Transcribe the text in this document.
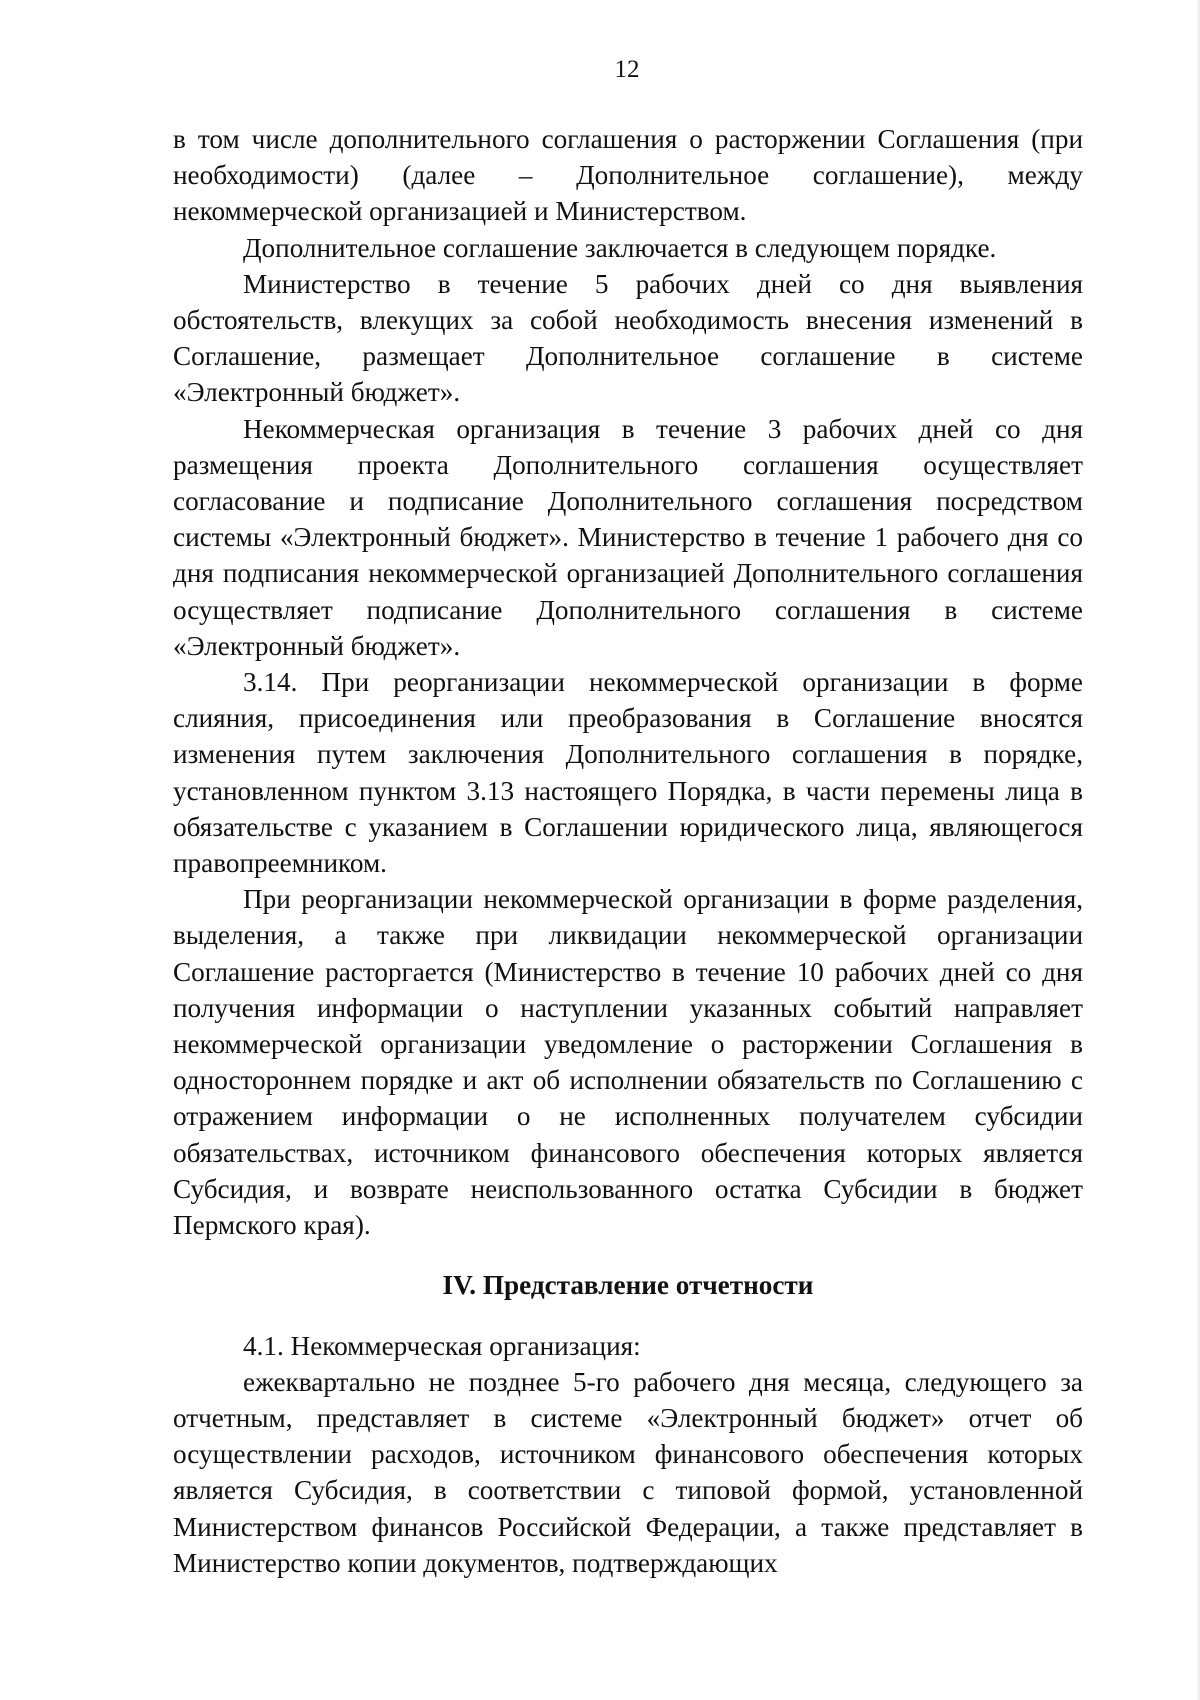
12

в том числе дополнительного соглашения о расторжении Соглашения (при необходимости) (далее – Дополнительное соглашение), между некоммерческой организацией и Министерством.

Дополнительное соглашение заключается в следующем порядке.

Министерство в течение 5 рабочих дней со дня выявления обстоятельств, влекущих за собой необходимость внесения изменений в Соглашение, размещает Дополнительное соглашение в системе «Электронный бюджет».

Некоммерческая организация в течение 3 рабочих дней со дня размещения проекта Дополнительного соглашения осуществляет согласование и подписание Дополнительного соглашения посредством системы «Электронный бюджет». Министерство в течение 1 рабочего дня со дня подписания некоммерческой организацией Дополнительного соглашения осуществляет подписание Дополнительного соглашения в системе «Электронный бюджет».

3.14. При реорганизации некоммерческой организации в форме слияния, присоединения или преобразования в Соглашение вносятся изменения путем заключения Дополнительного соглашения в порядке, установленном пунктом 3.13 настоящего Порядка, в части перемены лица в обязательстве с указанием в Соглашении юридического лица, являющегося правопреемником.

При реорганизации некоммерческой организации в форме разделения, выделения, а также при ликвидации некоммерческой организации Соглашение расторгается (Министерство в течение 10 рабочих дней со дня получения информации о наступлении указанных событий направляет некоммерческой организации уведомление о расторжении Соглашения в одностороннем порядке и акт об исполнении обязательств по Соглашению с отражением информации о не исполненных получателем субсидии обязательствах, источником финансового обеспечения которых является Субсидия, и возврате неиспользованного остатка Субсидии в бюджет Пермского края).

IV. Представление отчетности

4.1. Некоммерческая организация:

ежеквартально не позднее 5-го рабочего дня месяца, следующего за отчетным, представляет в системе «Электронный бюджет» отчет об осуществлении расходов, источником финансового обеспечения которых является Субсидия, в соответствии с типовой формой, установленной Министерством финансов Российской Федерации, а также представляет в Министерство копии документов, подтверждающих
